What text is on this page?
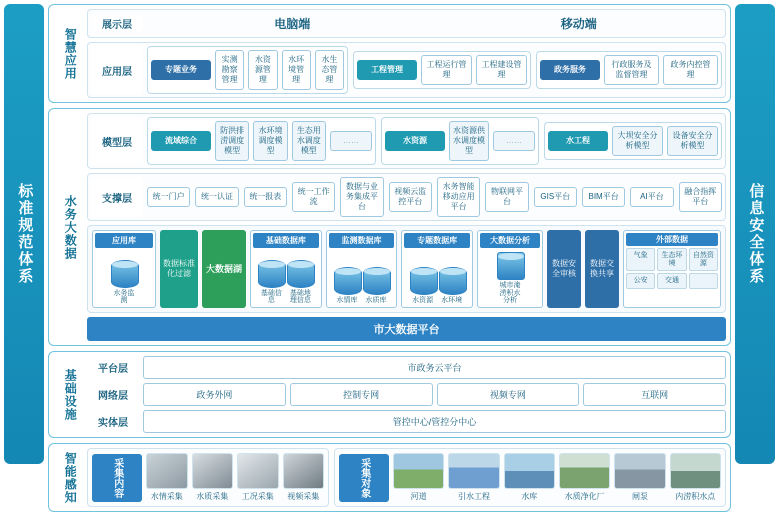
标准规范体系
智慧应用
展示层	电脑端	移动端
应用层	专题业务
实测勘察管理
水资源管理
水环境管理
水生态管理
工程管理
工程运行管理
工程建设管理
政务服务
行政服务及监督管理
政务内控管理
水务大数据
模型层	流域综合
防洪排涝调度模型
水环境调度模型
生态用水调度模型
……	水资源
水资源供水调度模型
……	水工程
大坝安全分析模型
设备安全分析模型
支撑层	统一门户	统一认证	统一报表
统一工作流
数据与业务集成平台
视频云监控平台
水务智能移动应用平台
物联网平台
GIS平台	BIM平台	AI平台
融合指挥平台
应用库
水务监测
数据标准化过滤	大数据湖
基础数据库
基础信息
基础地理信息
监测数据库
水情库	水质库
专题数据库
水资源	水环境
大数据分析
城市淹涝积水分析
数据安全审核
数据交换共享
外部数据
气象	生态环境
自然资源
公安	交通
市大数据平台
基础设施	平台层	市政务云平台
网络层	政务外网	控制专网	视频专网	互联网
实体层	管控中心/管控分中心
智能感知	采集内容	水情采集	水质采集	工况采集	视频采集	采集对象	河道	引水工程	水库	水质净化厂	闸泵	内涝积水点
信息安全体系
